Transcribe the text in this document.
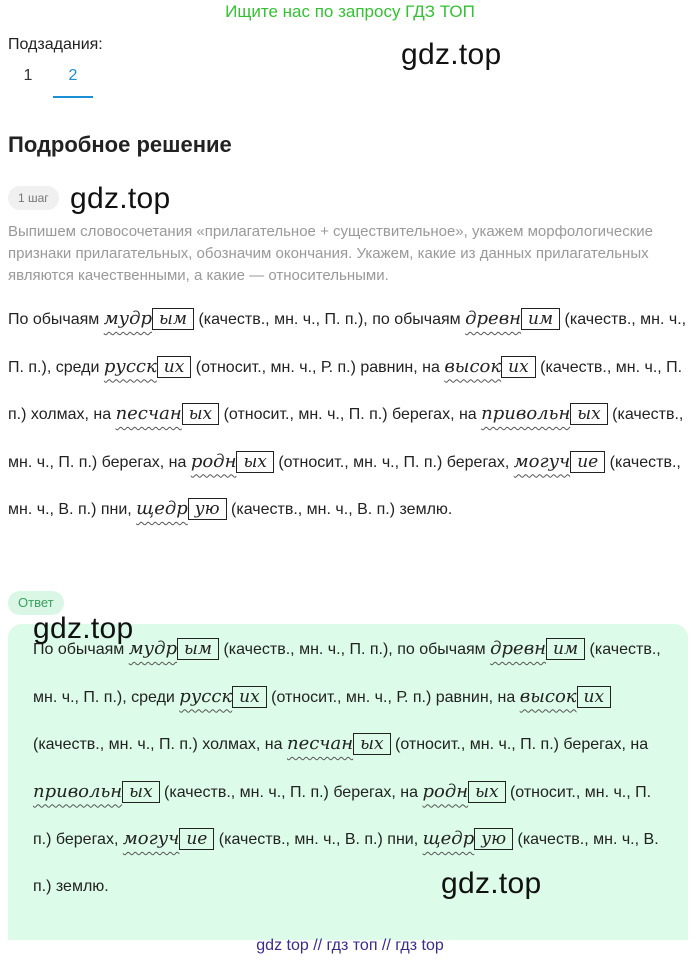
Ищите нас по запросу ГДЗ ТОП
Подзадания:
1	2
gdz.top
Подробное решение
1 шаг gdz.top
Выпишем словосочетания «прилагательное + существительное», укажем морфологические признаки прилагательных, обозначим окончания. Укажем, какие из данных прилагательных являются качественными, а какие — относительными.
По обычаям мудр ым (качеств., мн. ч., П. п.), по обычаям древн им (качеств., мн. ч., П. п.), среди русск их (относит., мн. ч., Р. п.) равнин, на высок их (качеств., мн. ч., П. п.) холмах, на песчан ых (относит., мн. ч., П. п.) берегах, на привольн ых (качеств., мн. ч., П. п.) берегах, на родн ых (относит., мн. ч., П. п.) берегах, могуч ие (качеств., мн. ч., В. п.) пни, щедр ую (качеств., мн. ч., В. п.) землю.
Ответ
По обычаям мудр ым (качеств., мн. ч., П. п.), по обычаям древн им (качеств., мн. ч., П. п.), среди русск их (относит., мн. ч., Р. п.) равнин, на высок их (качеств., мн. ч., П. п.) холмах, на песчан ых (относит., мн. ч., П. п.) берегах, на привольн ых (качеств., мн. ч., П. п.) берегах, на родн ых (относит., мн. ч., П. п.) берегах, могуч ие (качеств., мн. ч., В. п.) пни, щедр ую (качеств., мн. ч., В. п.) землю.
gdz.top
gdz.top
gdz top // гдз топ // гдз top
